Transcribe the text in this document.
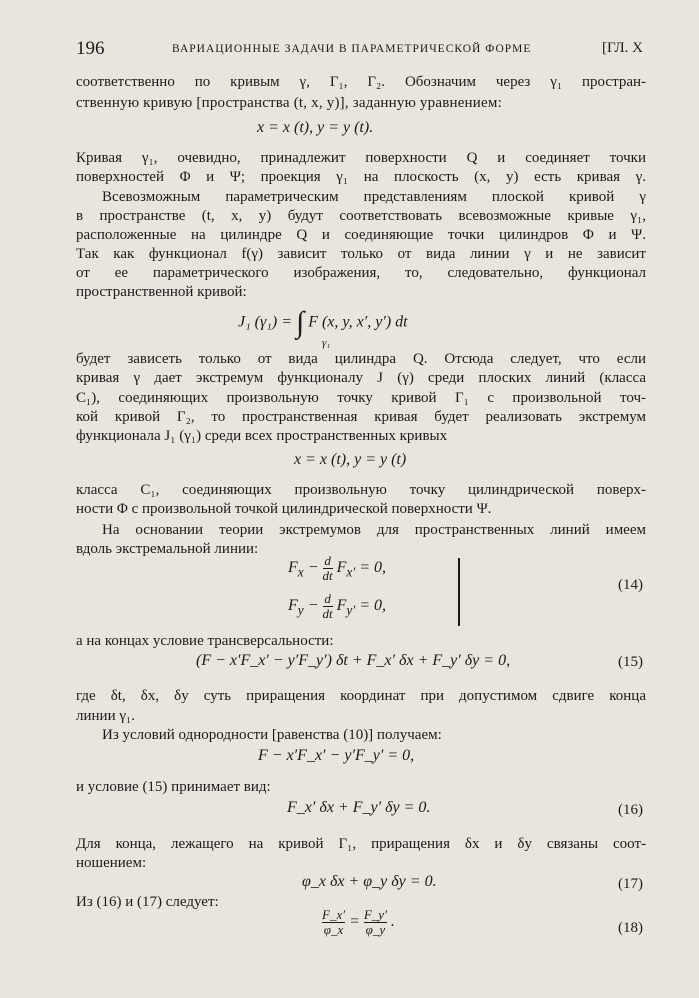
196	ВАРИАЦИОННЫЕ ЗАДАЧИ В ПАРАМЕТРИЧЕСКОЙ ФОРМЕ	[ГЛ. X
соответственно по кривым γ, Γ₁, Γ₂. Обозначим через γ₁ простран-
ственную кривую [пространства (t, x, y)], заданную уравнением:
x = x (t), y = y (t).
Кривая γ₁, очевидно, принадлежит поверхности Q и соединяет точки
поверхностей Φ и Ψ; проекция γ₁ на плоскость (x, y) есть кривая γ.
Всевозможным параметрическим представлениям плоской кривой γ
в пространстве (t, x, y) будут соответствовать всевозможные кривые γ₁,
расположенные на цилиндре Q и соединяющие точки цилиндров Φ и Ψ.
Так как функционал f(γ) зависит только от вида линии γ и не зависит
от ее параметрического изображения, то, следовательно, функционал
пространственной кривой:
J₁ (γ₁) = ∫ F (x, y, x′, y′) dt
γ₁
будет зависеть только от вида цилиндра Q. Отсюда следует, что если
кривая γ дает экстремум функционалу J (γ) среди плоских линий (класса
C₁), соединяющих произвольную точку кривой Γ₁ с произвольной точ-
кой кривой Γ₂, то пространственная кривая будет реализовать экстремум
функционала J₁ (γ₁) среди всех пространственных кривых
x = x (t), y = y (t)
класса C₁, соединяющих произвольную точку цилиндрической поверх-
ности Φ с произвольной точкой цилиндрической поверхности Ψ.
На основании теории экстремумов для пространственных линий имеем
вдоль экстремальной линии:
$F_x - \frac{d}{dt} F_{x'} = 0$,
$F_y - \frac{d}{dt} F_{y'} = 0$,
(14)
а на концах условие трансверсальности:
(F − x′F_x′ − y′F_y′) δt + F_x′ δx + F_y′ δy = 0,	(15)
где δt, δx, δy суть приращения координат при допустимом сдвиге конца
линии γ₁.
Из условий однородности [равенства (10)] получаем:
F − x′F_x′ − y′F_y′ = 0,
и условие (15) принимает вид:
F_x′ δx + F_y′ δy = 0.	(16)
Для конца, лежащего на кривой Γ₁, приращения δx и δy связаны соот-
ношением:
φ_x δx + φ_y δy = 0.	(17)
Из (16) и (17) следует:
$\frac{F\_x'}{\varphi\_x} = \frac{F\_y'}{\varphi\_y}$ .	(18)
